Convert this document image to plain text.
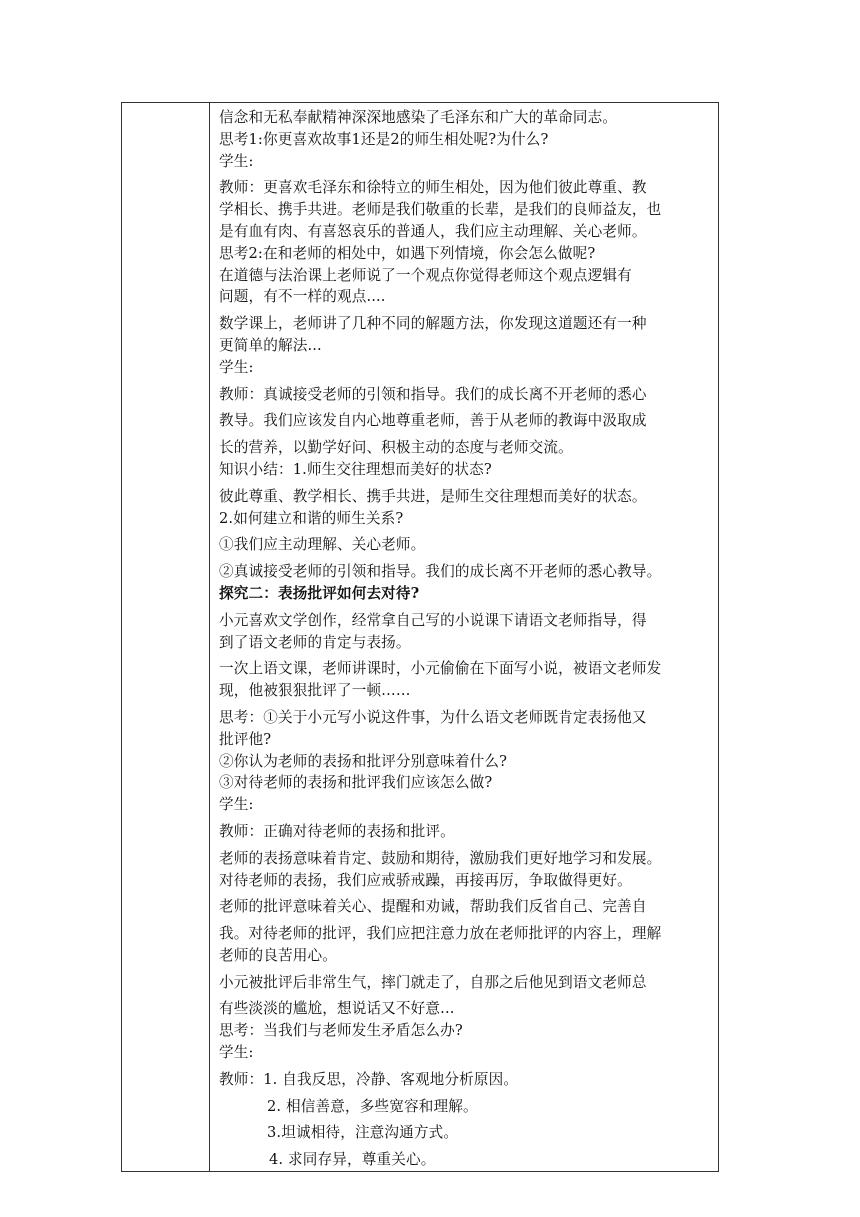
信念和无私奉献精神深深地感染了毛泽东和广大的革命同志。
思考1:你更喜欢故事1还是2的师生相处呢?为什么?
学生:
教师：更喜欢毛泽东和徐特立的师生相处，因为他们彼此尊重、教
学相长、携手共进。老师是我们敬重的长辈，是我们的良师益友，也
是有血有肉、有喜怒哀乐的普通人，我们应主动理解、关心老师。
思考2:在和老师的相处中，如遇下列情境，你会怎么做呢?
在道德与法治课上老师说了一个观点你觉得老师这个观点逻辑有
问题，有不一样的观点....
数学课上，老师讲了几种不同的解题方法，你发现这道题还有一种
更简单的解法...
学生:
教师：真诚接受老师的引领和指导。我们的成长离不开老师的悉心
教导。我们应该发自内心地尊重老师，善于从老师的教诲中汲取成
长的营养，以勤学好问、积极主动的态度与老师交流。
知识小结：1.师生交往理想而美好的状态?
彼此尊重、教学相长、携手共进，是师生交往理想而美好的状态。
2.如何建立和谐的师生关系?
①我们应主动理解、关心老师。
②真诚接受老师的引领和指导。我们的成长离不开老师的悉心教导。
探究二：表扬批评如何去对待?
小元喜欢文学创作，经常拿自己写的小说课下请语文老师指导，得
到了语文老师的肯定与表扬。
一次上语文课，老师讲课时，小元偷偷在下面写小说，被语文老师发
现，他被狠狠批评了一顿……
思考：①关于小元写小说这件事，为什么语文老师既肯定表扬他又
批评他?
②你认为老师的表扬和批评分别意味着什么?
③对待老师的表扬和批评我们应该怎么做?
学生:
教师：正确对待老师的表扬和批评。
老师的表扬意味着肯定、鼓励和期待，激励我们更好地学习和发展。
对待老师的表扬，我们应戒骄戒躁，再接再厉，争取做得更好。
老师的批评意味着关心、提醒和劝诫，帮助我们反省自己、完善自
我。对待老师的批评，我们应把注意力放在老师批评的内容上，理解
老师的良苦用心。
小元被批评后非常生气，摔门就走了，自那之后他见到语文老师总
有些淡淡的尴尬，想说话又不好意...
思考：当我们与老师发生矛盾怎么办?
学生:
教师：1. 自我反思，冷静、客观地分析原因。
2. 相信善意，多些宽容和理解。
3.坦诚相待，注意沟通方式。
4. 求同存异，尊重关心。
